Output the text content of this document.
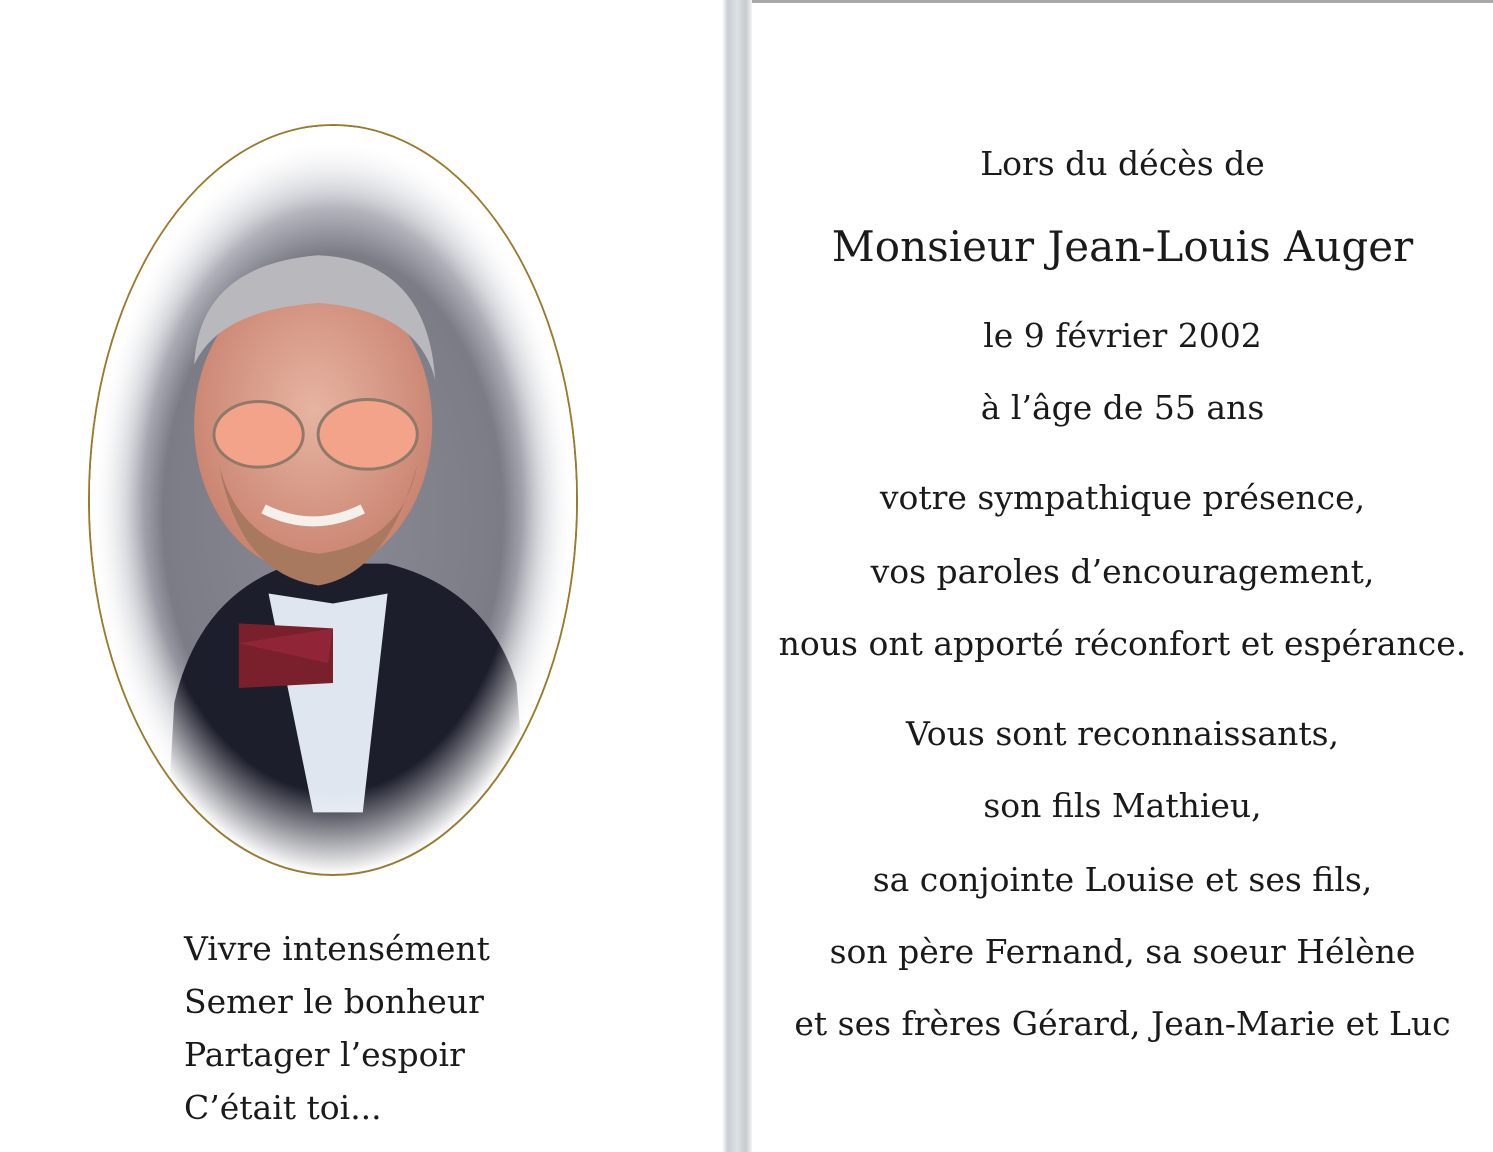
Vivre intensément
Semer le bonheur
Partager l’espoir
C’était toi...
Lors du décès de
Monsieur Jean-Louis Auger
le 9 février 2002
à l’âge de 55 ans
votre sympathique présence,
vos paroles d’encouragement,
nous ont apporté réconfort et espérance.
Vous sont reconnaissants,
son fils Mathieu,
sa conjointe Louise et ses fils,
son père Fernand, sa soeur Hélène
et ses frères Gérard, Jean-Marie et Luc
